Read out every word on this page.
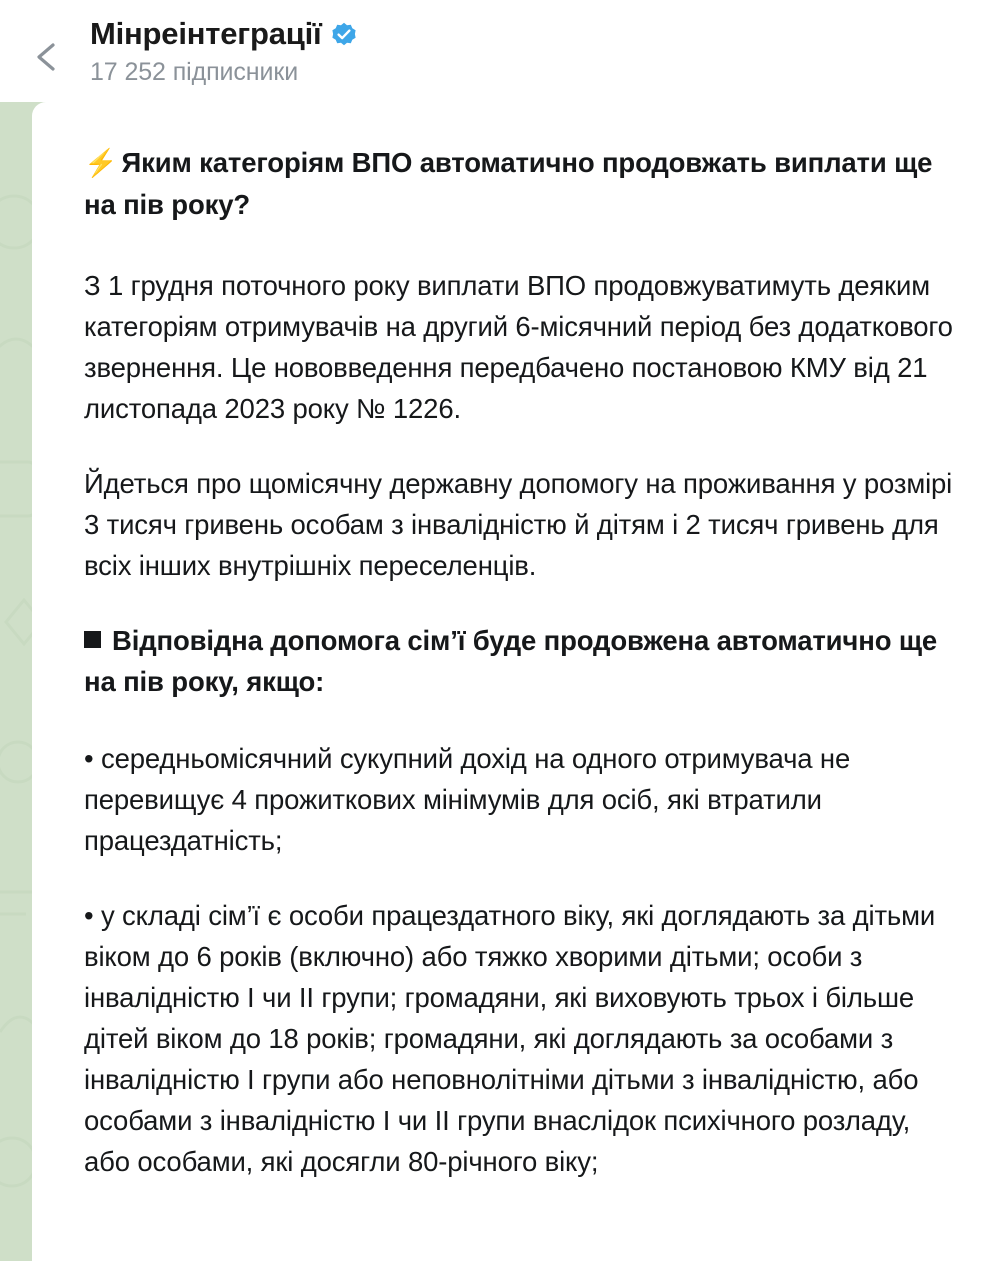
Мінреінтеграції
17 252 підписники

⚡ Яким категоріям ВПО автоматично продовжать виплати ще на пів року?

З 1 грудня поточного року виплати ВПО продовжуватимуть деяким категоріям отримувачів на другий 6-місячний період без додаткового звернення. Це нововведення передбачено постановою КМУ від 21 листопада 2023 року № 1226.

Йдеться про щомісячну державну допомогу на проживання у розмірі 3 тисяч гривень особам з інвалідністю й дітям і 2 тисяч гривень для всіх інших внутрішніх переселенців.

Відповідна допомога сім’ї буде продовжена автоматично ще на пів року, якщо:

• середньомісячний сукупний дохід на одного отримувача не перевищує 4 прожиткових мінімумів для осіб, які втратили працездатність;

• у складі сім’ї є особи працездатного віку, які доглядають за дітьми віком до 6 років (включно) або тяжко хворими дітьми; особи з інвалідністю I чи II групи; громадяни, які виховують трьох і більше дітей віком до 18 років; громадяни, які доглядають за особами з інвалідністю I групи або неповнолітніми дітьми з інвалідністю, або особами з інвалідністю I чи II групи внаслідок психічного розладу, або особами, які досягли 80-річного віку;
